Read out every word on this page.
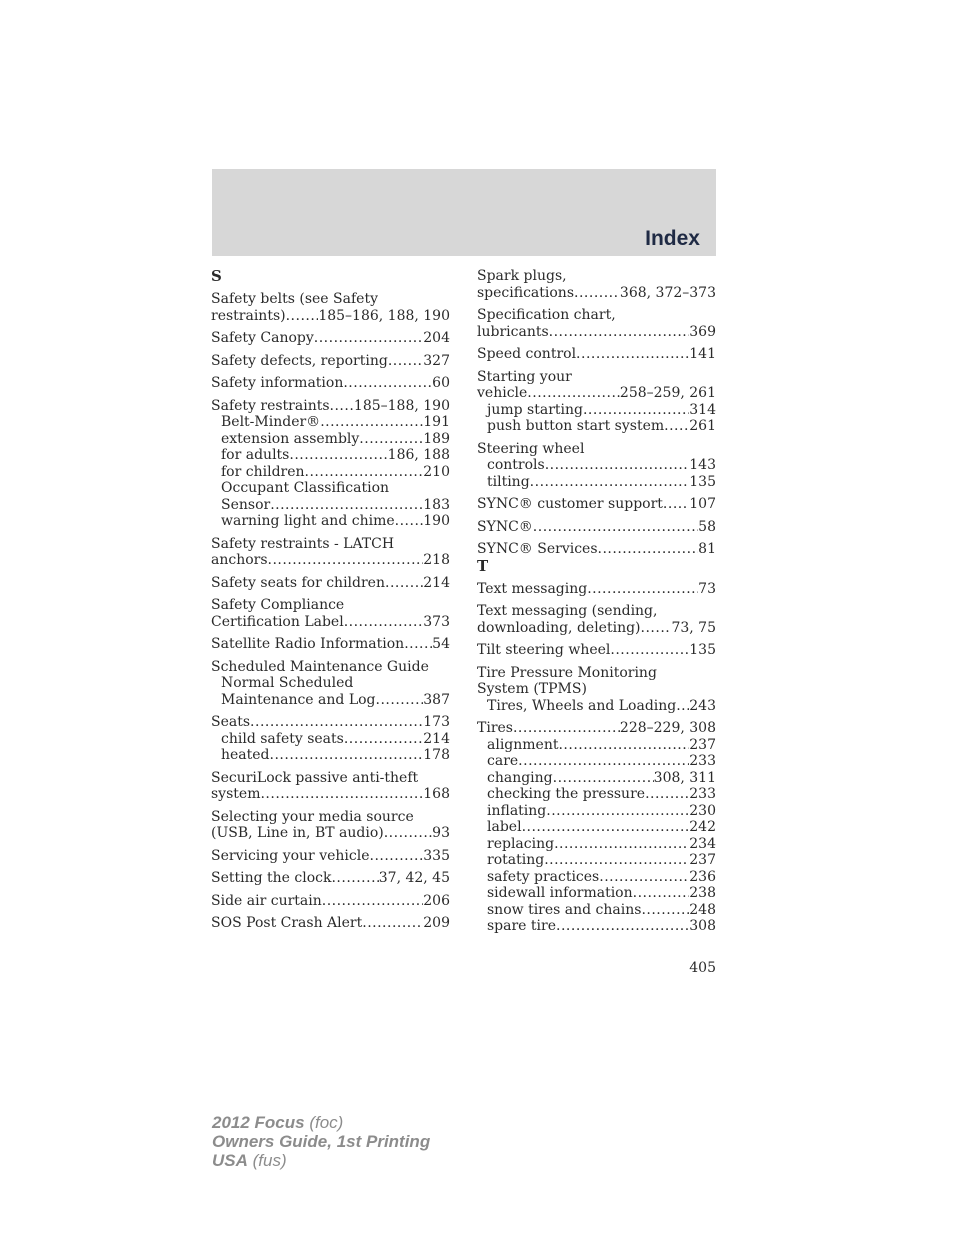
Index
S
Safety belts (see Safety
restraints) ..... 185–186, 188, 190
Safety Canopy .....	204
Safety defects, reporting .....	327
Safety information .....	60
Safety restraints ..... 185–188, 190
Belt-Minder® .....	191
extension assembly .....	189
for adults .....	186, 188
for children .....	210
Occupant Classification
Sensor .....	183
warning light and chime ..... 190
Safety restraints - LATCH
anchors .....	218
Safety seats for children .....	214
Safety Compliance
Certification Label .....	373
Satellite Radio Information ..... 54
Scheduled Maintenance Guide
Normal Scheduled
Maintenance and Log .....	387
Seats .....	173
child safety seats .....	214
heated .....	178
SecuriLock passive anti-theft
system .....	168
Selecting your media source
(USB, Line in, BT audio) .....	93
Servicing your vehicle .....	335
Setting the clock .....	37, 42, 45
Side air curtain .....	206
SOS Post Crash Alert .....	209
Spark plugs,
specifications .....	368, 372–373
Specification chart,
lubricants .....	369
Speed control .....	141
Starting your
vehicle .....	258–259, 261
jump starting .....	314
push button start system ..... 261
Steering wheel
controls .....	143
tilting .....	135
SYNC® customer support ..... 107
SYNC® .....	58
SYNC® Services .....	81
T
Text messaging .....	73
Text messaging (sending,
downloading, deleting) ..... 73, 75
Tilt steering wheel .....	135
Tire Pressure Monitoring
System (TPMS)
Tires, Wheels and Loading ..... 243
Tires .....	228–229, 308
alignment .....	237
care .....	233
changing .....	308, 311
checking the pressure .....	233
inflating .....	230
label .....	242
replacing .....	234
rotating .....	237
safety practices .....	236
sidewall information .....	238
snow tires and chains .....	248
spare tire .....	308
405
2012 Focus (foc)
Owners Guide, 1st Printing
USA (fus)
